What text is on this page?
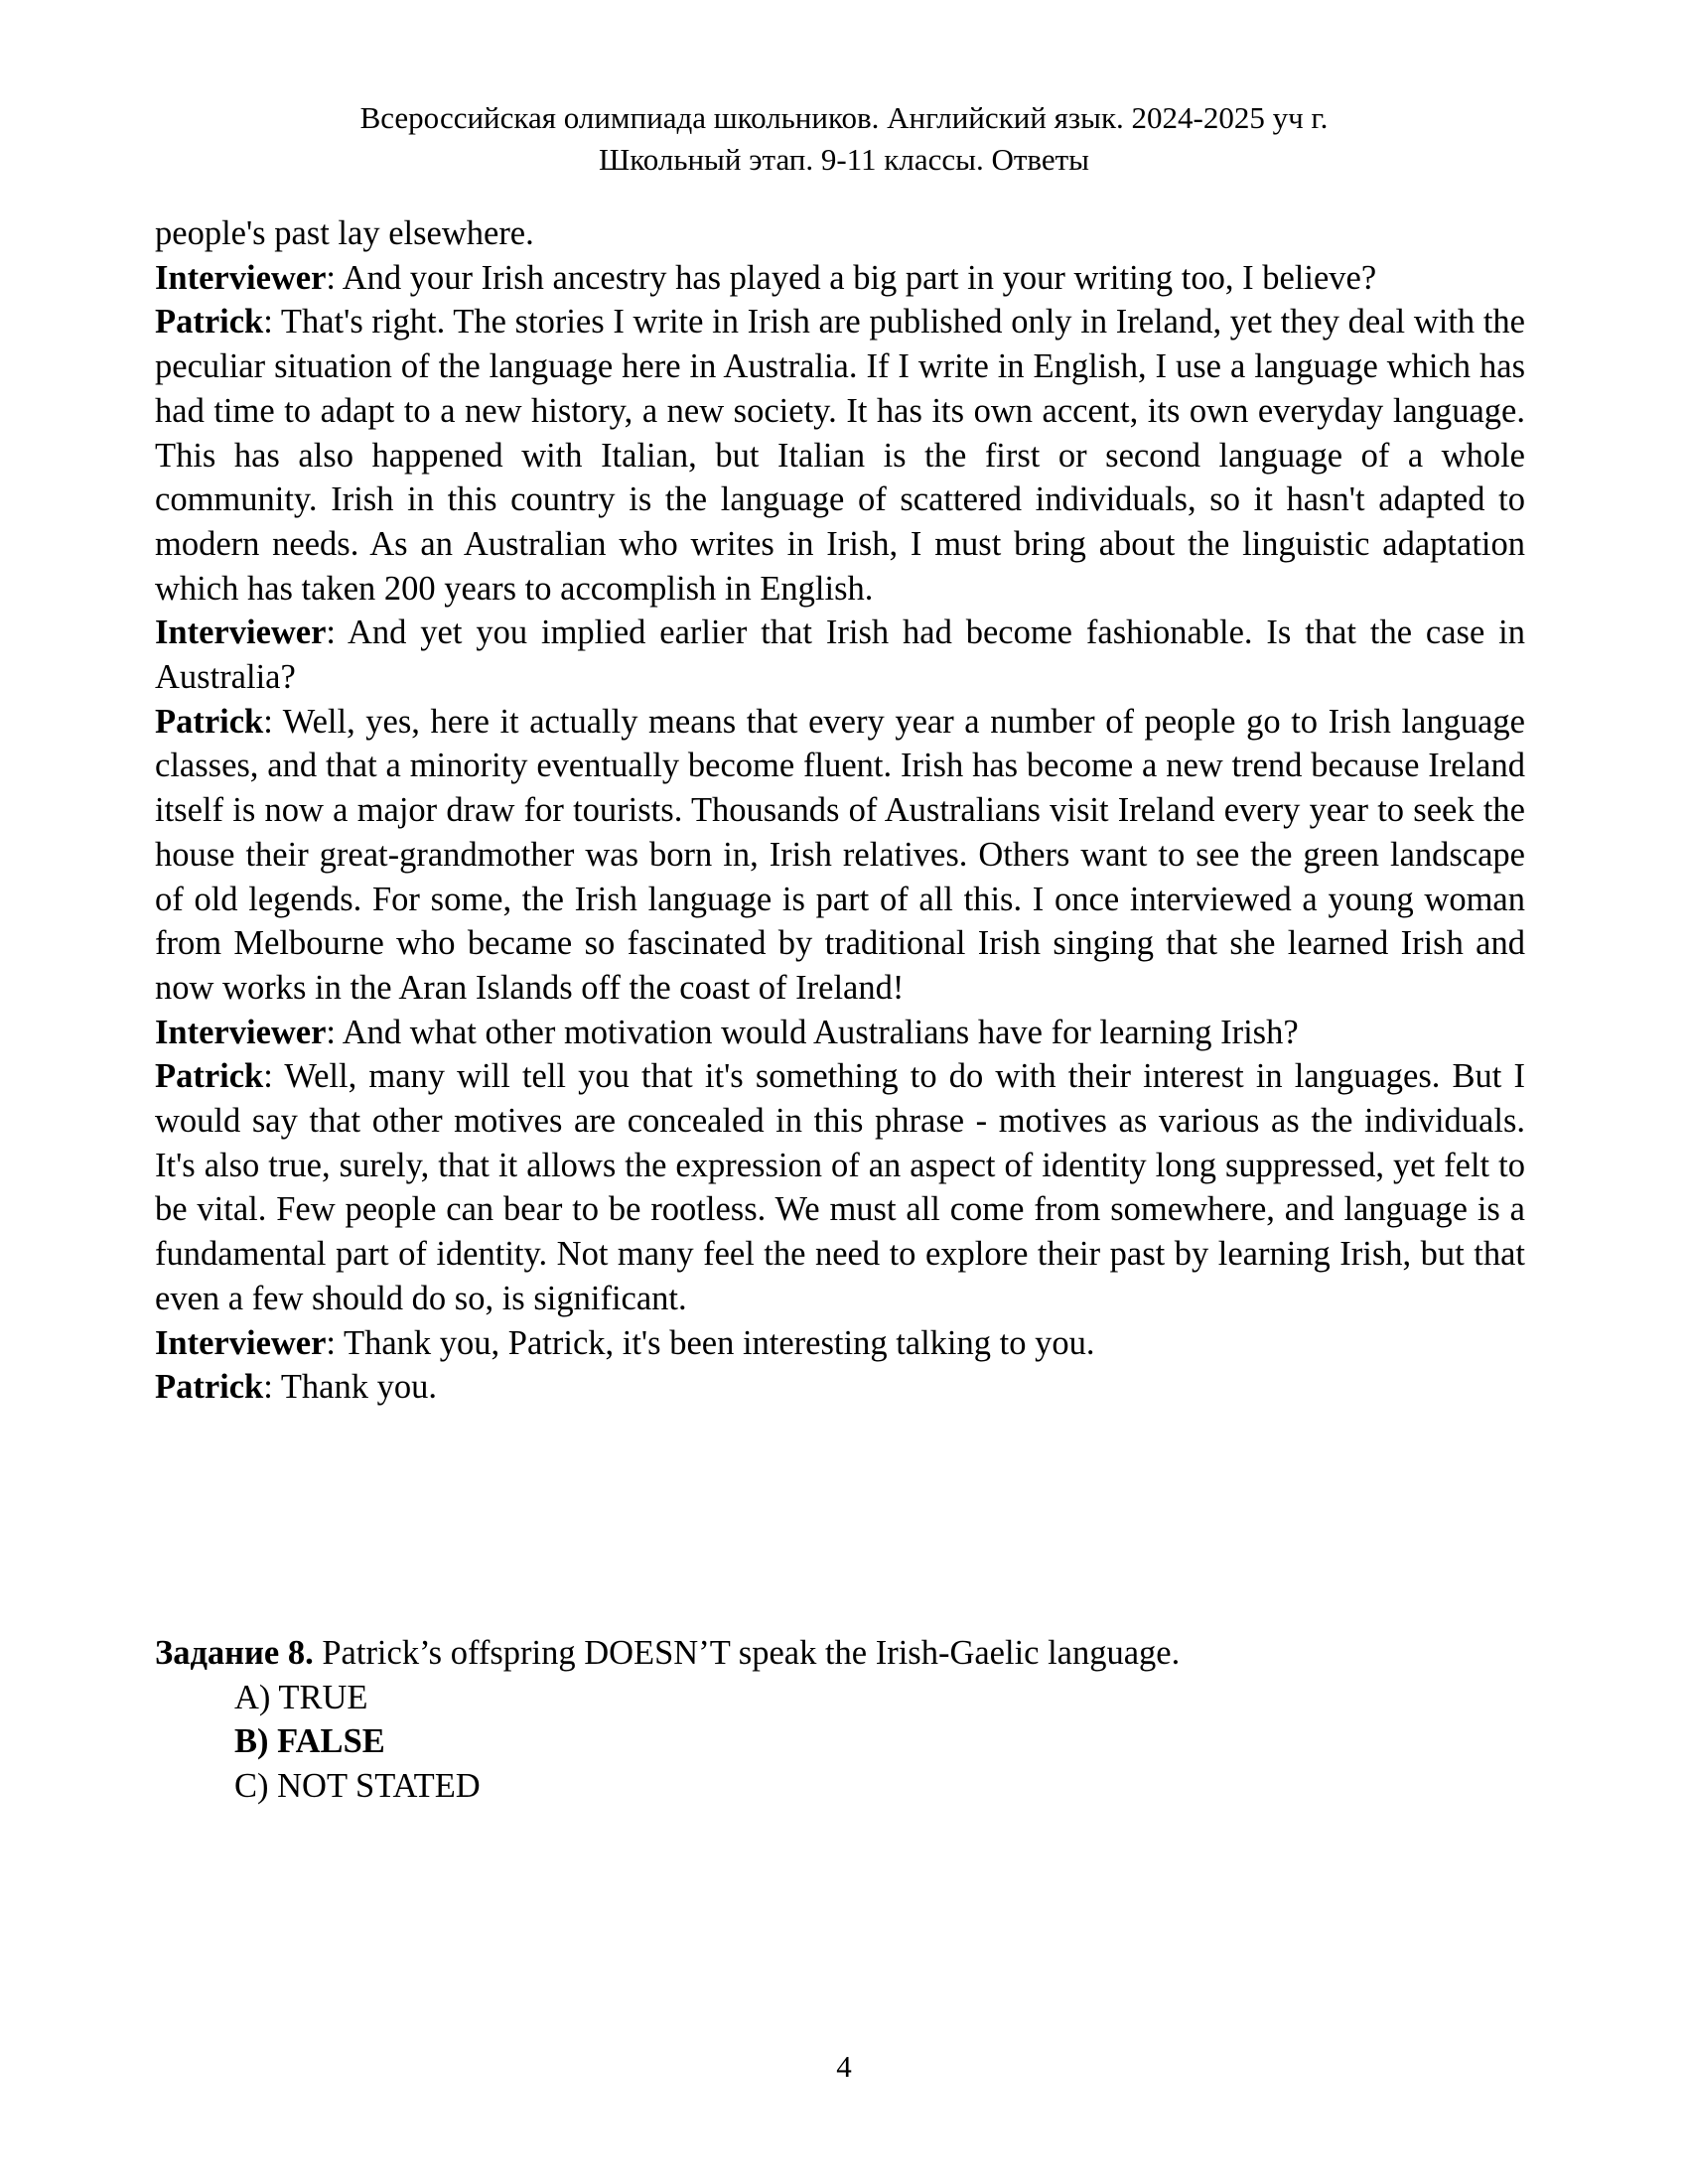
Всероссийская олимпиада школьников. Английский язык. 2024-2025 уч г.
Школьный этап. 9-11 классы. Ответы

people's past lay elsewhere.

Interviewer: And your Irish ancestry has played a big part in your writing too, I believe?

Patrick: That's right. The stories I write in Irish are published only in Ireland, yet they deal with the peculiar situation of the language here in Australia. If I write in English, I use a language which has had time to adapt to a new history, a new society. It has its own accent, its own everyday language. This has also happened with Italian, but Italian is the first or second language of a whole community. Irish in this country is the language of scattered individuals, so it hasn't adapted to modern needs. As an Australian who writes in Irish, I must bring about the linguistic adaptation which has taken 200 years to accomplish in English.

Interviewer: And yet you implied earlier that Irish had become fashionable. Is that the case in Australia?

Patrick: Well, yes, here it actually means that every year a number of people go to Irish language classes, and that a minority eventually become fluent. Irish has become a new trend because Ireland itself is now a major draw for tourists. Thousands of Australians visit Ireland every year to seek the house their great-grandmother was born in, Irish relatives. Others want to see the green landscape of old legends. For some, the Irish language is part of all this. I once interviewed a young woman from Melbourne who became so fascinated by traditional Irish singing that she learned Irish and now works in the Aran Islands off the coast of Ireland!

Interviewer: And what other motivation would Australians have for learning Irish?

Patrick: Well, many will tell you that it's something to do with their interest in languages. But I would say that other motives are concealed in this phrase - motives as various as the individuals. It's also true, surely, that it allows the expression of an aspect of identity long suppressed, yet felt to be vital. Few people can bear to be rootless. We must all come from somewhere, and language is a fundamental part of identity. Not many feel the need to explore their past by learning Irish, but that even a few should do so, is significant.

Interviewer: Thank you, Patrick, it's been interesting talking to you.

Patrick: Thank you.

Задание 8. Patrick’s offspring DOESN’T speak the Irish-Gaelic language.
A) TRUE
B) FALSE
C) NOT STATED
4
